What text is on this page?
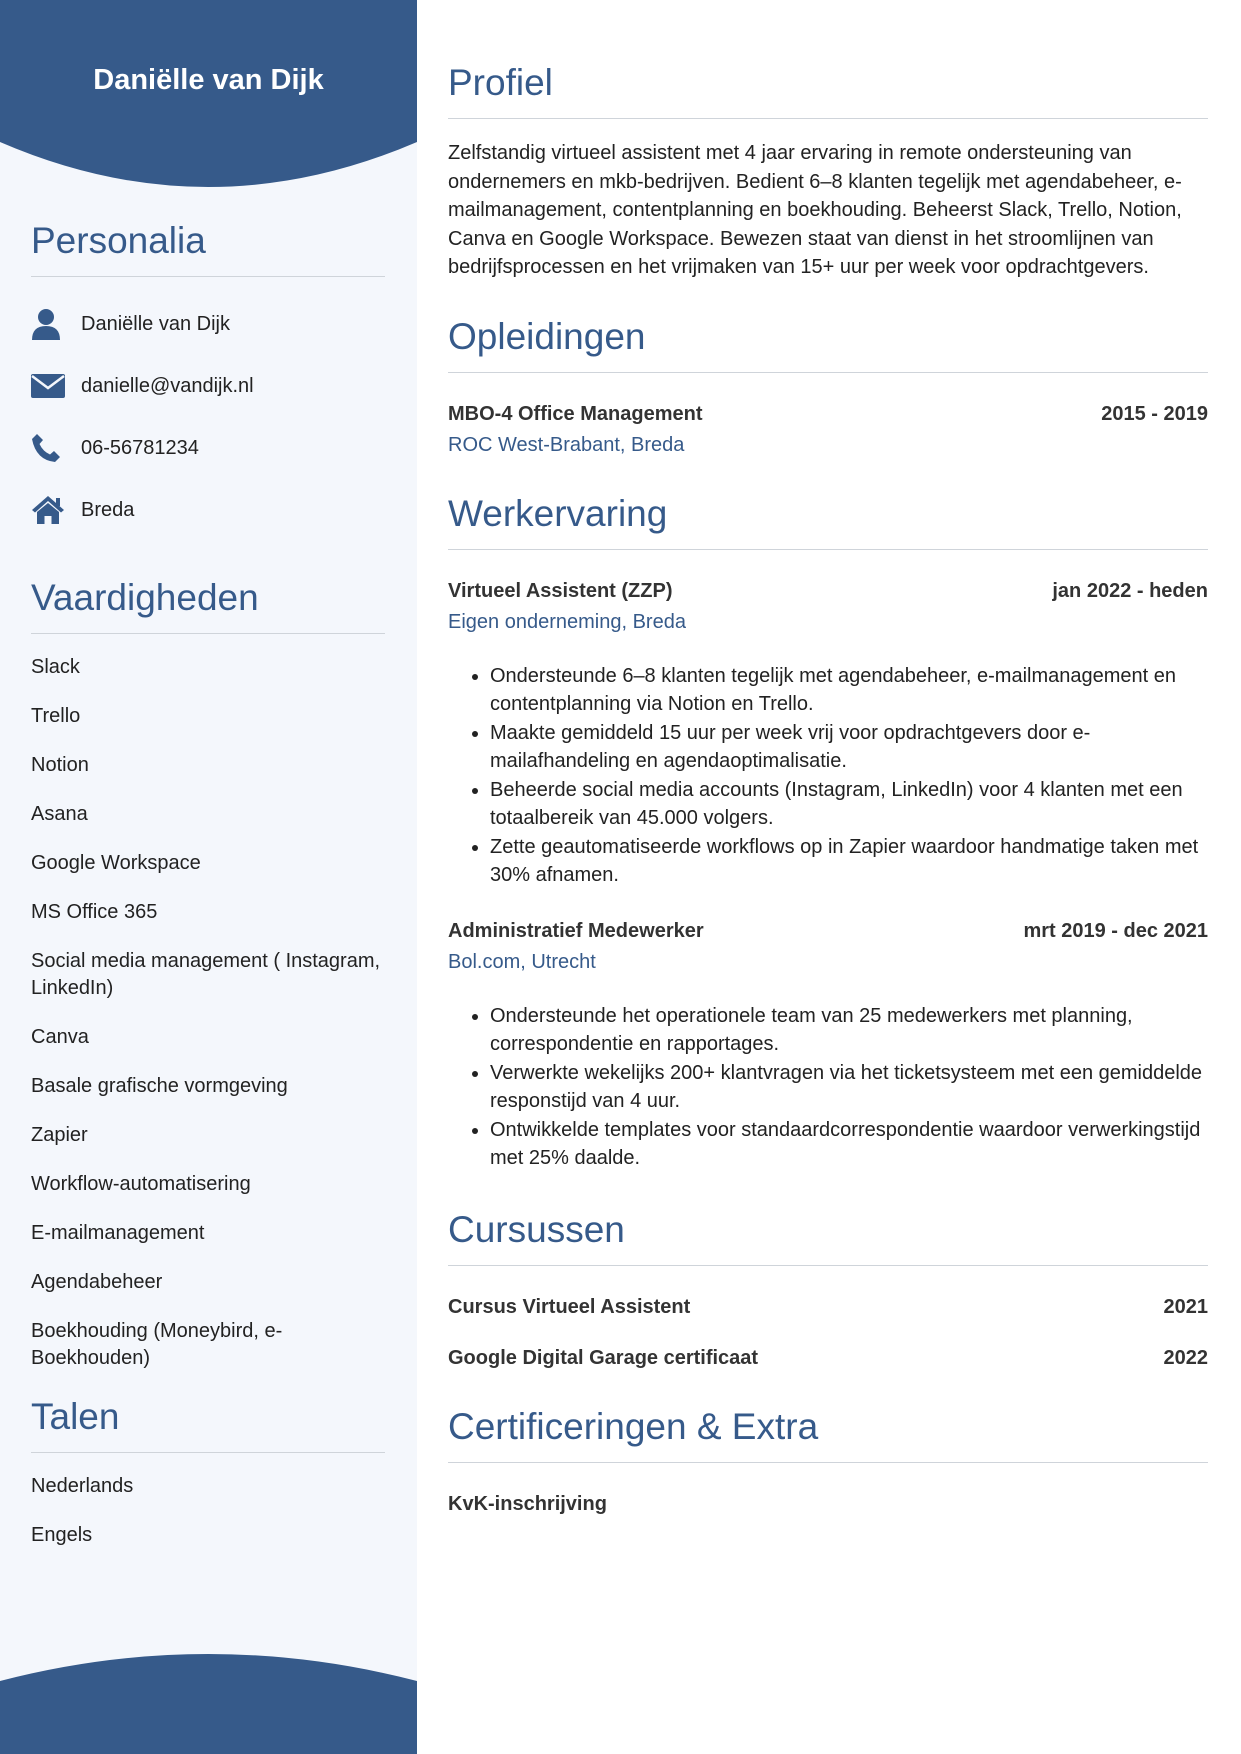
Daniëlle van Dijk
Personalia
Daniëlle van Dijk
danielle@vandijk.nl
06-56781234
Breda
Vaardigheden
Slack
Trello
Notion
Asana
Google Workspace
MS Office 365
Social media management ( Instagram, LinkedIn)
Canva
Basale grafische vormgeving
Zapier
Workflow-automatisering
E-mailmanagement
Agendabeheer
Boekhouding (Moneybird, e-Boekhouden)
Talen
Nederlands
Engels
Profiel

Zelfstandig virtueel assistent met 4 jaar ervaring in remote ondersteuning van ondernemers en mkb-bedrijven. Bedient 6–8 klanten tegelijk met agendabeheer, e-mailmanagement, contentplanning en boekhouding. Beheerst Slack, Trello, Notion, Canva en Google Workspace. Bewezen staat van dienst in het stroomlijnen van bedrijfsprocessen en het vrijmaken van 15+ uur per week voor opdrachtgevers.

Opleidingen
MBO-4 Office Management	2015 - 2019
ROC West-Brabant, Breda
Werkervaring
Virtueel Assistent (ZZP)	jan 2022 - heden
Eigen onderneming, Breda
• Ondersteunde 6–8 klanten tegelijk met agendabeheer, e-mailmanagement en contentplanning via Notion en Trello.
• Maakte gemiddeld 15 uur per week vrij voor opdrachtgevers door e-mailafhandeling en agendaoptimalisatie.
• Beheerde social media accounts (Instagram, LinkedIn) voor 4 klanten met een totaalbereik van 45.000 volgers.
• Zette geautomatiseerde workflows op in Zapier waardoor handmatige taken met 30% afnamen.
Administratief Medewerker	mrt 2019 - dec 2021
Bol.com, Utrecht
• Ondersteunde het operationele team van 25 medewerkers met planning, correspondentie en rapportages.
• Verwerkte wekelijks 200+ klantvragen via het ticketsysteem met een gemiddelde responstijd van 4 uur.
• Ontwikkelde templates voor standaardcorrespondentie waardoor verwerkingstijd met 25% daalde.
Cursussen
Cursus Virtueel Assistent	2021
Google Digital Garage certificaat	2022
Certificeringen & Extra
KvK-inschrijving
